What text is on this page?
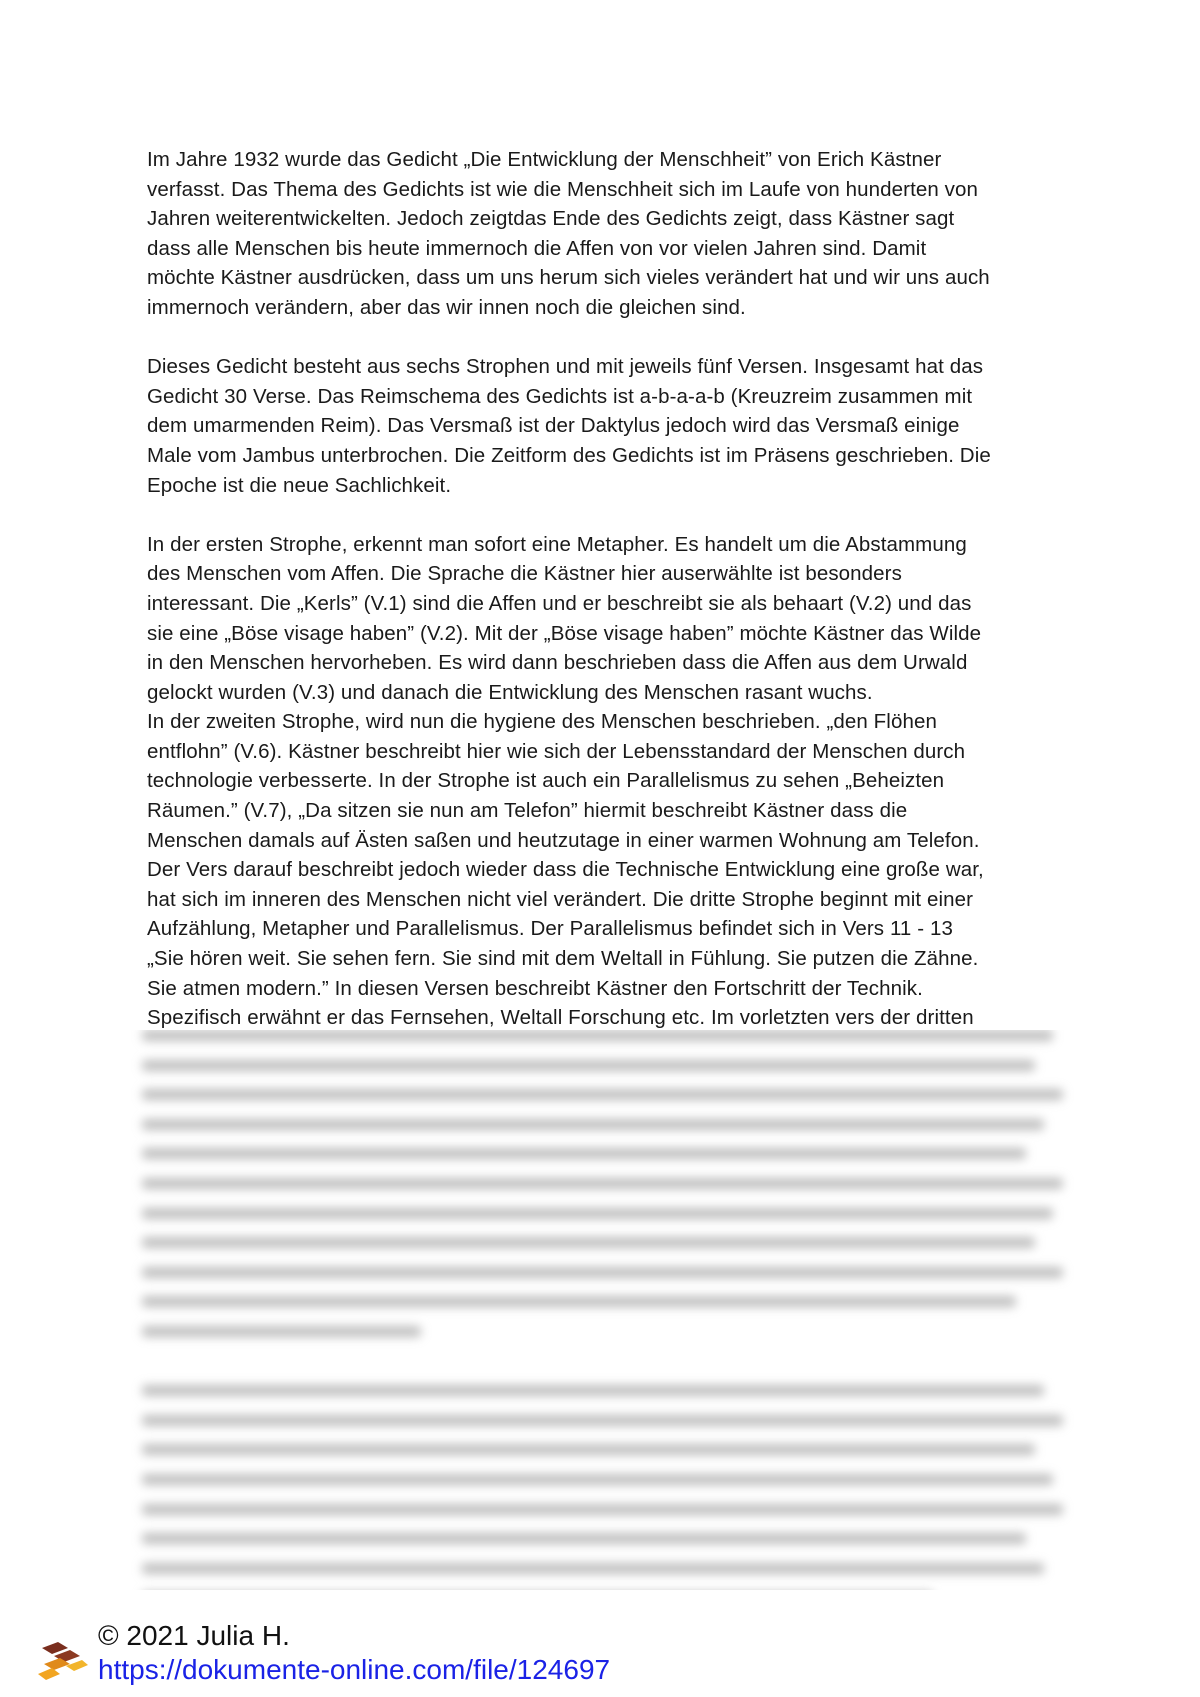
Im Jahre 1932 wurde das Gedicht „Die Entwicklung der Menschheit” von Erich Kästner
verfasst. Das Thema des Gedichts ist wie die Menschheit sich im Laufe von hunderten von
Jahren weiterentwickelten. Jedoch zeigtdas Ende des Gedichts zeigt, dass Kästner sagt
dass alle Menschen bis heute immernoch die Affen von vor vielen Jahren sind. Damit
möchte Kästner ausdrücken, dass um uns herum sich vieles verändert hat und wir uns auch
immernoch verändern, aber das wir innen noch die gleichen sind.

Dieses Gedicht besteht aus sechs Strophen und mit jeweils fünf Versen. Insgesamt hat das
Gedicht 30 Verse. Das Reimschema des Gedichts ist a-b-a-a-b (Kreuzreim zusammen mit
dem umarmenden Reim). Das Versmaß ist der Daktylus jedoch wird das Versmaß einige
Male vom Jambus unterbrochen. Die Zeitform des Gedichts ist im Präsens geschrieben. Die
Epoche ist die neue Sachlichkeit.

In der ersten Strophe, erkennt man sofort eine Metapher. Es handelt um die Abstammung
des Menschen vom Affen. Die Sprache die Kästner hier auserwählte ist besonders
interessant. Die „Kerls” (V.1) sind die Affen und er beschreibt sie als behaart (V.2) und das
sie eine „Böse visage haben” (V.2). Mit der „Böse visage haben” möchte Kästner das Wilde
in den Menschen hervorheben. Es wird dann beschrieben dass die Affen aus dem Urwald
gelockt wurden (V.3) und danach die Entwicklung des Menschen rasant wuchs.
In der zweiten Strophe, wird nun die hygiene des Menschen beschrieben. „den Flöhen
entflohn” (V.6). Kästner beschreibt hier wie sich der Lebensstandard der Menschen durch
technologie verbesserte. In der Strophe ist auch ein Parallelismus zu sehen „Beheizten
Räumen.” (V.7), „Da sitzen sie nun am Telefon” hiermit beschreibt Kästner dass die
Menschen damals auf Ästen saßen und heutzutage in einer warmen Wohnung am Telefon.
Der Vers darauf beschreibt jedoch wieder dass die Technische Entwicklung eine große war,
hat sich im inneren des Menschen nicht viel verändert. Die dritte Strophe beginnt mit einer
Aufzählung, Metapher und Parallelismus. Der Parallelismus befindet sich in Vers 11 - 13
„Sie hören weit. Sie sehen fern. Sie sind mit dem Weltall in Fühlung. Sie putzen die Zähne.
Sie atmen modern.” In diesen Versen beschreibt Kästner den Fortschritt der Technik.
Spezifisch erwähnt er das Fernsehen, Weltall Forschung etc. Im vorletzten vers der dritten

© 2021 Julia H.
https://dokumente-online.com/file/124697
